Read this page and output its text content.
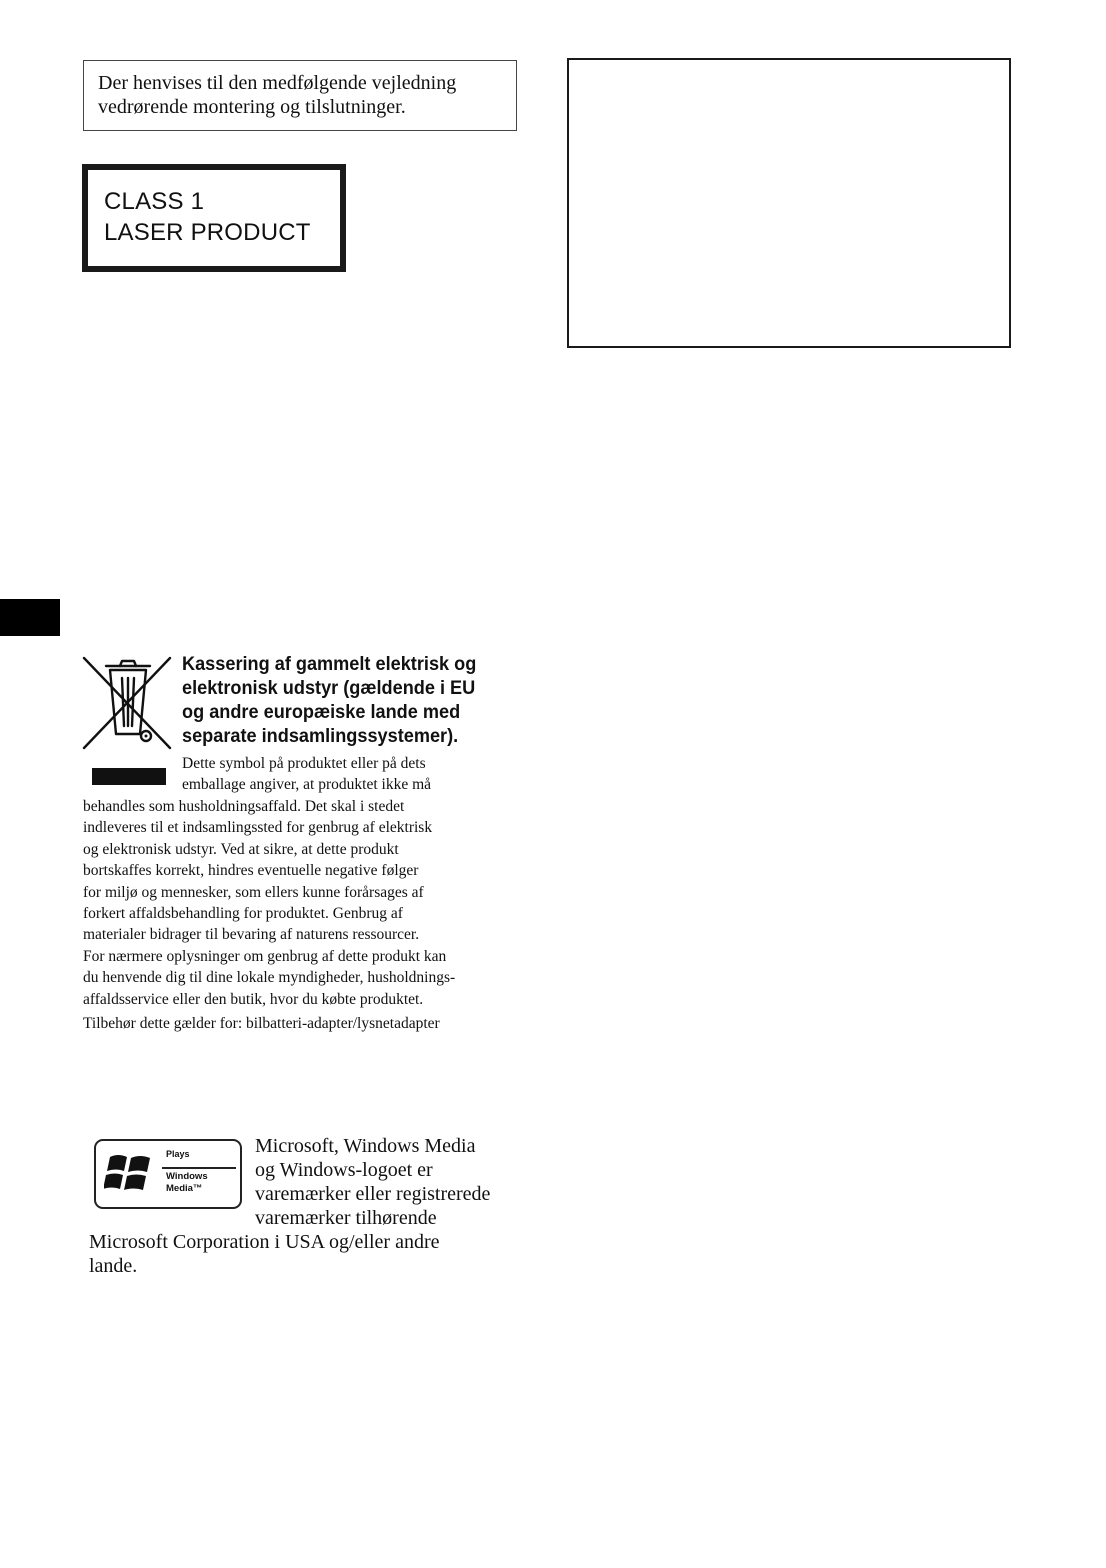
Der henvises til den medfølgende vejledning
vedrørende montering og tilslutninger.
CLASS 1
LASER PRODUCT
Kassering af gammelt elektrisk og
elektronisk udstyr (gældende i EU
og andre europæiske lande med
separate indsamlingssystemer).
Dette symbol på produktet eller på dets
emballage angiver, at produktet ikke må
behandles som husholdningsaffald. Det skal i stedet
indleveres til et indsamlingssted for genbrug af elektrisk
og elektronisk udstyr. Ved at sikre, at dette produkt
bortskaffes korrekt, hindres eventuelle negative følger
for miljø og mennesker, som ellers kunne forårsages af
forkert affaldsbehandling for produktet. Genbrug af
materialer bidrager til bevaring af naturens ressourcer.
For nærmere oplysninger om genbrug af dette produkt kan
du henvende dig til dine lokale myndigheder, husholdnings-
affaldsservice eller den butik, hvor du købte produktet.
Tilbehør dette gælder for: bilbatteri-adapter/lysnetadapter
Plays
Windows
Media™
Microsoft, Windows Media
og Windows-logoet er
varemærker eller registrerede
varemærker tilhørende
Microsoft Corporation i USA og/eller andre
lande.
